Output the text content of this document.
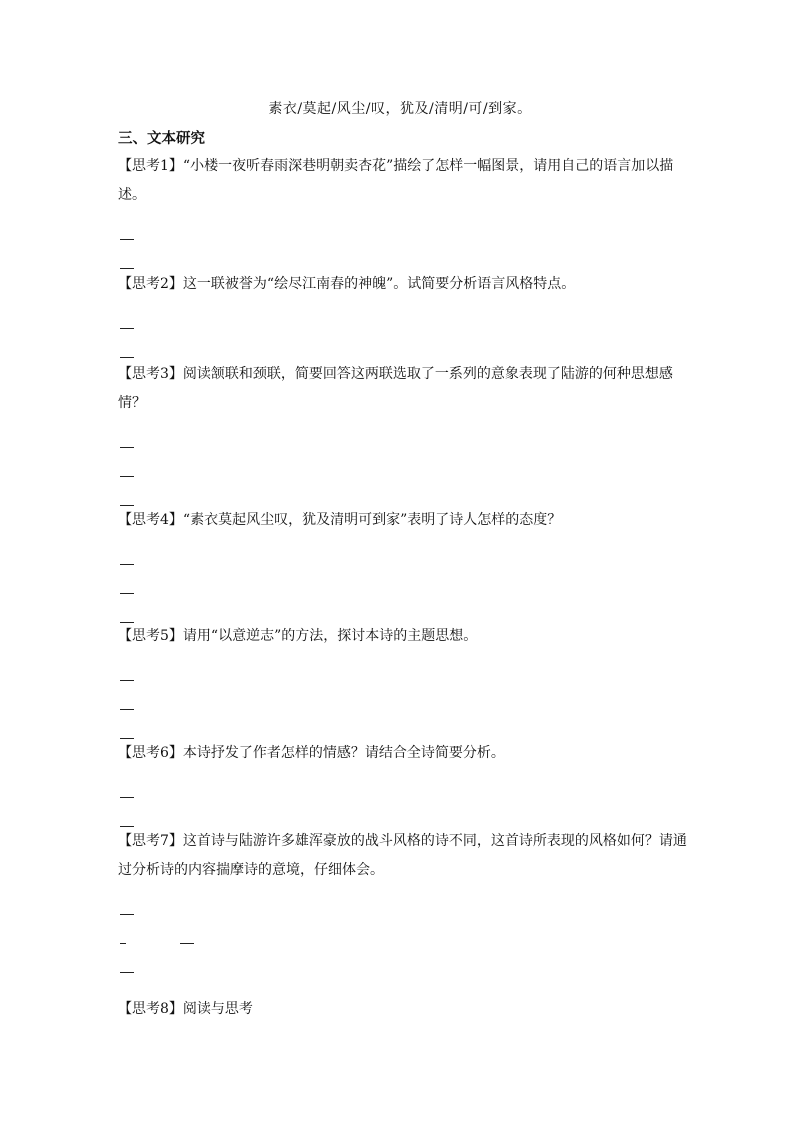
素衣/莫起/风尘/叹，犹及/清明/可/到家。
三、文本研究

【思考1】“小楼一夜听春雨深巷明朝卖杏花”描绘了怎样一幅图景，请用自己的语言加以描述。

【思考2】这一联被誉为“绘尽江南春的神魄”。试简要分析语言风格特点。

【思考3】阅读颔联和颈联，简要回答这两联选取了一系列的意象表现了陆游的何种思想感情？

【思考4】“素衣莫起风尘叹，犹及清明可到家”表明了诗人怎样的态度？

【思考5】请用“以意逆志”的方法，探讨本诗的主题思想。

【思考6】本诗抒发了作者怎样的情感？请结合全诗简要分析。

【思考7】这首诗与陆游许多雄浑豪放的战斗风格的诗不同，这首诗所表现的风格如何？请通过分析诗的内容揣摩诗的意境，仔细体会。

【思考8】阅读与思考
